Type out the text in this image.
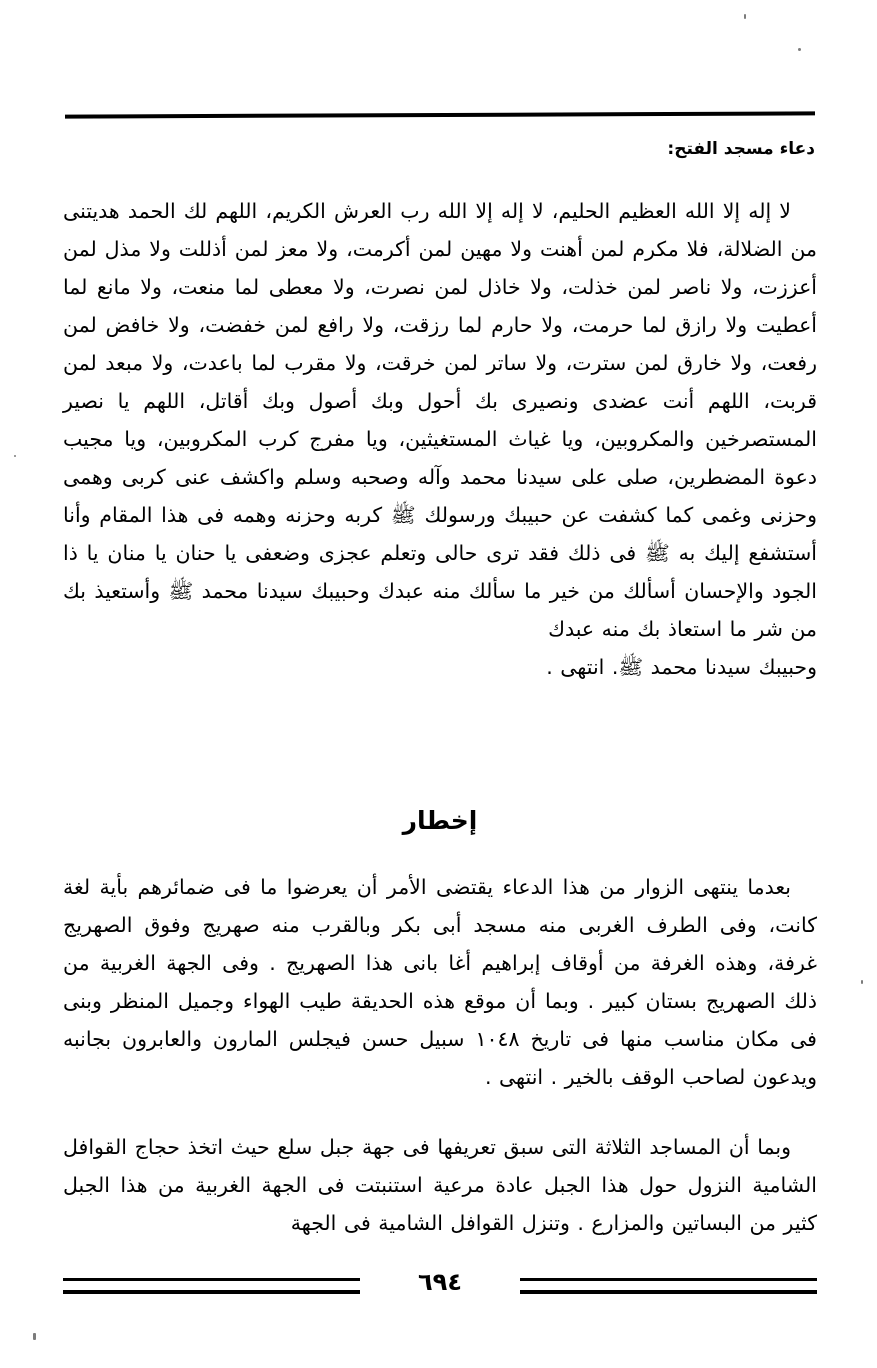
دعاء مسجد الفتح:
لا إله إلا الله العظيم الحليم، لا إله إلا الله رب العرش الكريم، اللهم لك الحمد هديتنى من الضلالة، فلا مكرم لمن أهنت ولا مهين لمن أكرمت، ولا معز لمن أذللت ولا مذل لمن أعززت، ولا ناصر لمن خذلت، ولا خاذل لمن نصرت، ولا معطى لما منعت، ولا مانع لما أعطيت ولا رازق لما حرمت، ولا حارم لما رزقت، ولا رافع لمن خفضت، ولا خافض لمن رفعت، ولا خارق لمن سترت، ولا ساتر لمن خرقت، ولا مقرب لما باعدت، ولا مبعد لمن قربت، اللهم أنت عضدى ونصيرى بك أحول وبك أصول وبك أقاتل، اللهم يا نصير المستصرخين والمكروبين، ويا غياث المستغيثين، ويا مفرج كرب المكروبين، ويا مجيب دعوة المضطرين، صلى على سيدنا محمد وآله وصحبه وسلم واكشف عنى كربى وهمى وحزنى وغمى كما كشفت عن حبيبك ورسولك ﷺ كربه وحزنه وهمه فى هذا المقام وأنا أستشفع إليك به ﷺ فى ذلك فقد ترى حالى وتعلم عجزى وضعفى يا حنان يا منان يا ذا الجود والإحسان أسألك من خير ما سألك منه عبدك وحبيبك سيدنا محمد ﷺ وأستعيذ بك من شر ما استعاذ بك منه عبدك
وحبيبك سيدنا محمد ﷺ. انتهى .
إخطار
بعدما ينتهى الزوار من هذا الدعاء يقتضى الأمر أن يعرضوا ما فى ضمائرهم بأية لغة كانت، وفى الطرف الغربى منه مسجد أبى بكر وبالقرب منه صهريج وفوق الصهريج غرفة، وهذه الغرفة من أوقاف إبراهيم أغا بانى هذا الصهريج . وفى الجهة الغربية من ذلك الصهريج بستان كبير . وبما أن موقع هذه الحديقة طيب الهواء وجميل المنظر وبنى فى مكان مناسب منها فى تاريخ ١٠٤٨ سبيل حسن فيجلس المارون والعابرون بجانبه ويدعون لصاحب الوقف بالخير . انتهى .
وبما أن المساجد الثلاثة التى سبق تعريفها فى جهة جبل سلع حيث اتخذ حجاج القوافل الشامية النزول حول هذا الجبل عادة مرعية استنبتت فى الجهة الغربية من هذا الجبل كثير من البساتين والمزارع . وتنزل القوافل الشامية فى الجهة
٦٩٤
